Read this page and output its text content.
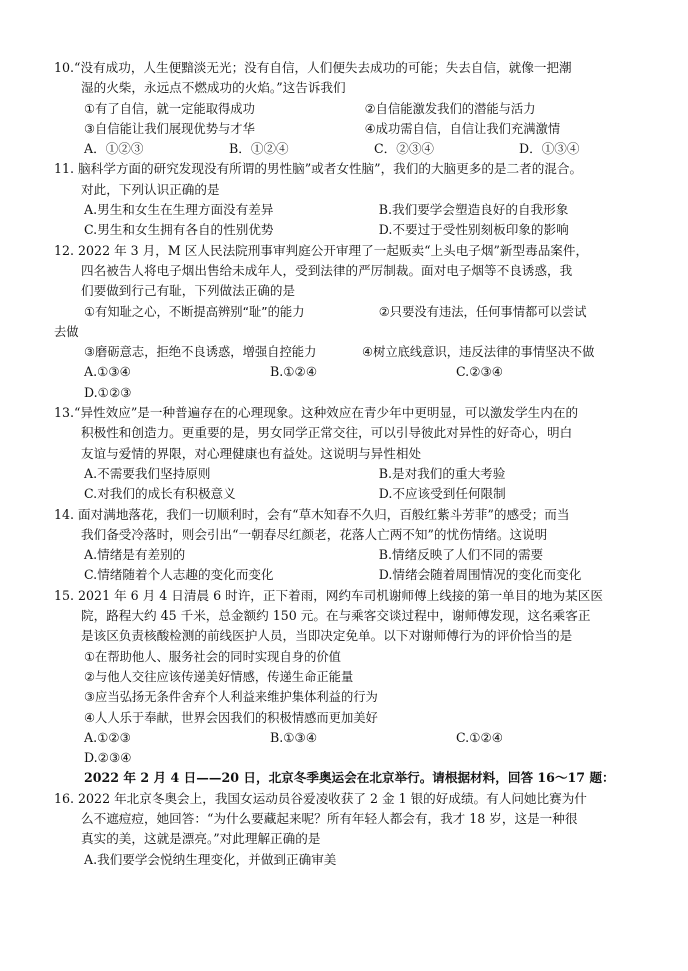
10.“没有成功，人生便黯淡无光；没有自信，人们便失去成功的可能；失去自信，就像一把潮
湿的火柴，永远点不燃成功的火焰。”这告诉我们
①有了自信，就一定能取得成功	②自信能激发我们的潜能与活力
③自信能让我们展现优势与才华	④成功需自信，自信让我们充满激情
A．①②③	B．①②④	C．②③④	D．①③④
11. 脑科学方面的研究发现没有所谓的男性脑”或者女性脑”，我们的大脑更多的是二者的混合。
对此，下列认识正确的是
A.男生和女生在生理方面没有差异	B.我们要学会塑造良好的自我形象
C.男生和女生拥有各自的性别优势	D.不要过于受性别刻板印象的影响
12. 2022 年 3 月，M 区人民法院刑事审判庭公开审理了一起贩卖“上头电子烟”新型毒品案件，
四名被告人将电子烟出售给未成年人，受到法律的严厉制裁。面对电子烟等不良诱惑，我
们要做到行己有耻，下列做法正确的是
①有知耻之心，不断提高辨别“耻”的能力	②只要没有违法，任何事情都可以尝试
去做
③磨砺意志，拒绝不良诱惑，增强自控能力	④树立底线意识，违反法律的事情坚决不做
A.①③④	B.①②④	C.②③④
D.①②③
13.“异性效应”是一种普遍存在的心理现象。这种效应在青少年中更明显，可以激发学生内在的
积极性和创造力。更重要的是，男女同学正常交往，可以引导彼此对异性的好奇心，明白
友谊与爱情的界限，对心理健康也有益处。这说明与异性相处
A.不需要我们坚持原则	B.是对我们的重大考验
C.对我们的成长有积极意义	D.不应该受到任何限制
14. 面对满地落花，我们一切顺利时，会有“草木知春不久归，百般红紫斗芳菲”的感受；而当
我们备受冷落时，则会引出“一朝春尽红颜老，花落人亡两不知”的忧伤情绪。这说明
A.情绪是有差别的	B.情绪反映了人们不同的需要
C.情绪随着个人志趣的变化而变化	D.情绪会随着周围情况的变化而变化
15. 2021 年 6 月 4 日清晨 6 时许，正下着雨，网约车司机谢师傅上线接的第一单目的地为某区医
院，路程大约 45 千米，总金额约 150 元。在与乘客交谈过程中，谢师傅发现，这名乘客正
是该区负责核酸检测的前线医护人员，当即决定免单。以下对谢师傅行为的评价恰当的是
①在帮助他人、服务社会的同时实现自身的价值
②与他人交往应该传递美好情感，传递生命正能量
③应当弘扬无条件舍弃个人利益来维护集体利益的行为
④人人乐于奉献，世界会因我们的积极情感而更加美好
A.①②③	B.①③④	C.①②④
D.②③④
2022 年 2 月 4 日——20 日，北京冬季奥运会在北京举行。请根据材料，回答 16～17 题：
16. 2022 年北京冬奥会上，我国女运动员谷爱凌收获了 2 金 1 银的好成绩。有人问她比赛为什
么不遮痘痘，她回答：“为什么要藏起来呢？所有年轻人都会有，我才 18 岁，这是一种很
真实的美，这就是漂亮。”对此理解正确的是
A.我们要学会悦纳生理变化，并做到正确审美
